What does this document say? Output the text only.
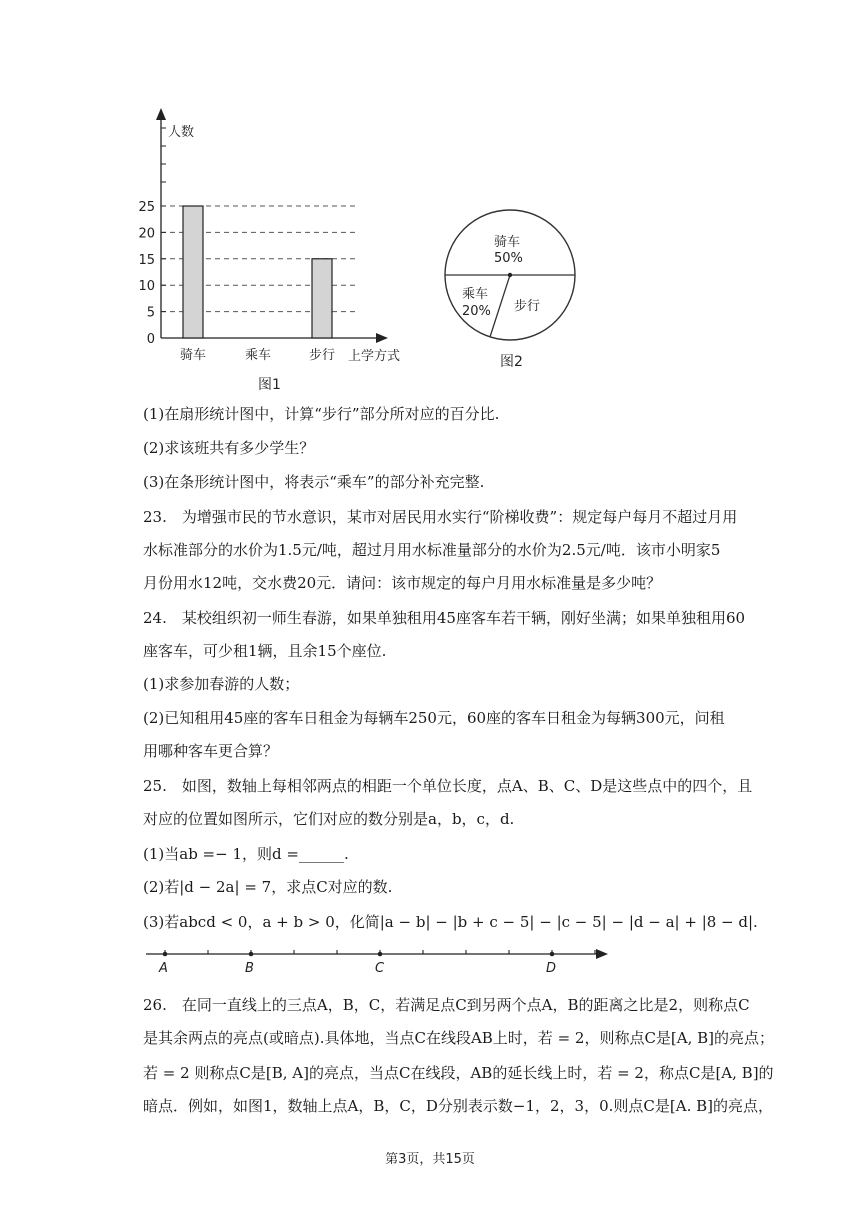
0
5
10
15
20
25
骑车	乘车	步行
人数
上学方式
图1
骑车
50%
乘车
20% 步行
图2
(1)在扇形统计图中，计算“步行”部分所对应的百分比.
(2)求该班共有多少学生？
(3)在条形统计图中，将表示“乘车”的部分补充完整.
23.　为增强市民的节水意识，某市对居民用水实行“阶梯收费”：规定每户每月不超过月用
水标准部分的水价为1.5元/吨，超过月用水标准量部分的水价为2.5元/吨．该市小明家5
月份用水12吨，交水费20元．请问：该市规定的每户月用水标准量是多少吨？
24.　某校组织初一师生春游，如果单独租用45座客车若干辆，刚好坐满；如果单独租用60
座客车，可少租1辆，且余15个座位.
(1)求参加春游的人数；
(2)已知租用45座的客车日租金为每辆车250元，60座的客车日租金为每辆300元，问租
用哪种客车更合算？
25.　如图，数轴上每相邻两点的相距一个单位长度，点A、B、C、D是这些点中的四个，且
对应的位置如图所示，它们对应的数分别是a，b，c，d.
(1)当ab =− 1，则d =______.
(2)若|d − 2a| = 7，求点C对应的数.
(3)若abcd < 0，a + b > 0，化简|a − b| − |b + c − 5| − |c − 5| − |d − a| + |8 − d|.
A	B	C	D
26.　在同一直线上的三点A，B，C，若满足点C到另两个点A，B的距离之比是2，则称点C
是其余两点的亮点(或暗点).具体地，当点C在线段AB上时，若 = 2，则称点C是[A, B]的亮点；
若 = 2 则称点C是[B, A]的亮点，当点C在线段，AB的延长线上时，若 = 2，称点C是[A, B]的
暗点．例如，如图1，数轴上点A，B，C，D分别表示数−1，2，3，0.则点C是[A. B]的亮点，
第3页，共15页
